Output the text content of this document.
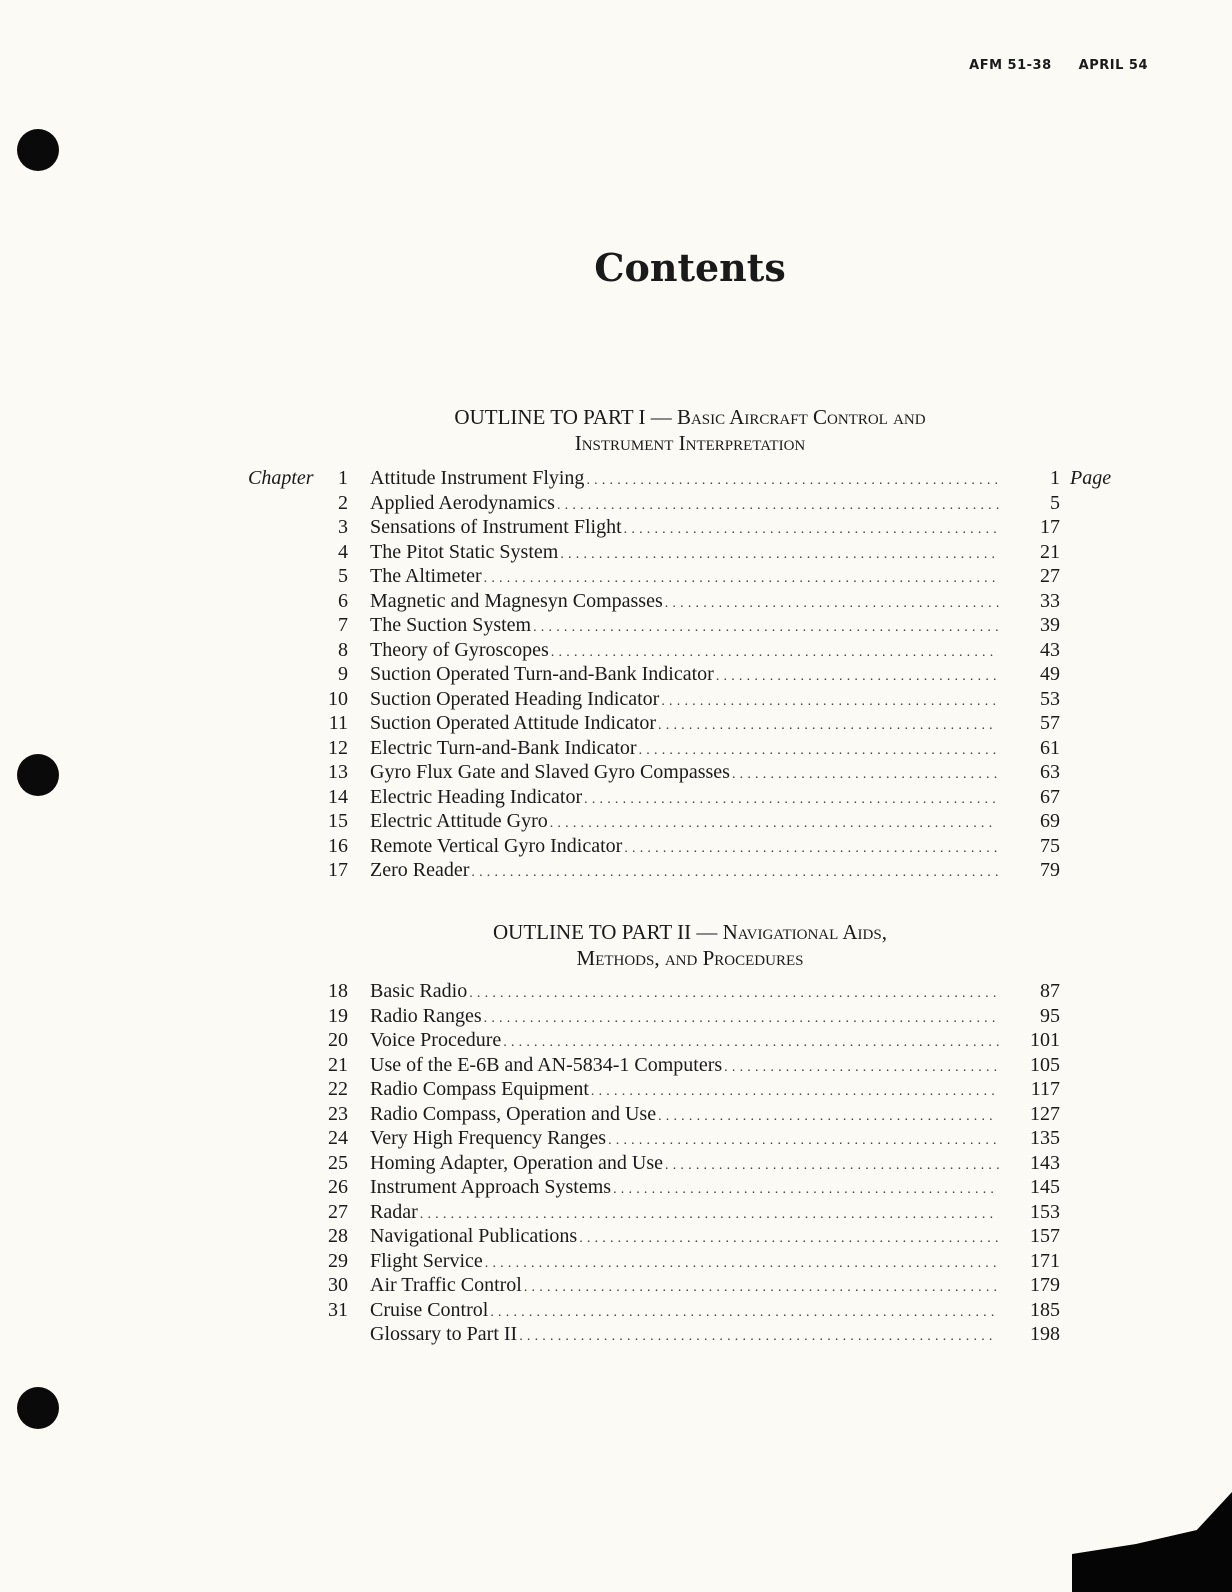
AFM 51-38 APRIL 54
Contents
OUTLINE TO PART I — Basic Aircraft Control and
Instrument Interpretation
Chapter	1 Attitude Instrument Flying ......................................................	1 Page
2 Applied Aerodynamics ..........................................................	5
3 Sensations of Instrument Flight .................................................	17
4 The Pitot Static System .........................................................	21
5 The Altimeter ...................................................................	27
6 Magnetic and Magnesyn Compasses ............................................	33
7 The Suction System .............................................................	39
8 Theory of Gyroscopes ..........................................................	43
9 Suction Operated Turn-and-Bank Indicator .....................................	49
10 Suction Operated Heading Indicator ............................................	53
11 Suction Operated Attitude Indicator ............................................	57
12 Electric Turn-and-Bank Indicator ...............................................	61
13 Gyro Flux Gate and Slaved Gyro Compasses ...................................	63
14 Electric Heading Indicator ......................................................	67
15 Electric Attitude Gyro ..........................................................	69
16 Remote Vertical Gyro Indicator .................................................	75
17 Zero Reader .....................................................................	79
OUTLINE TO PART II — Navigational Aids,
Methods, and Procedures
18 Basic Radio .....................................................................	87
19 Radio Ranges ...................................................................	95
20 Voice Procedure .................................................................	101
21 Use of the E-6B and AN-5834-1 Computers ....................................	105
22 Radio Compass Equipment .....................................................	117
23 Radio Compass, Operation and Use ............................................	127
24 Very High Frequency Ranges ...................................................	135
25 Homing Adapter, Operation and Use ............................................	143
26 Instrument Approach Systems ..................................................	145
27 Radar ...........................................................................	153
28 Navigational Publications .......................................................	157
29 Flight Service ...................................................................	171
30 Air Traffic Control ..............................................................	179
31 Cruise Control ..................................................................	185
Glossary to Part II ..............................................................	198
